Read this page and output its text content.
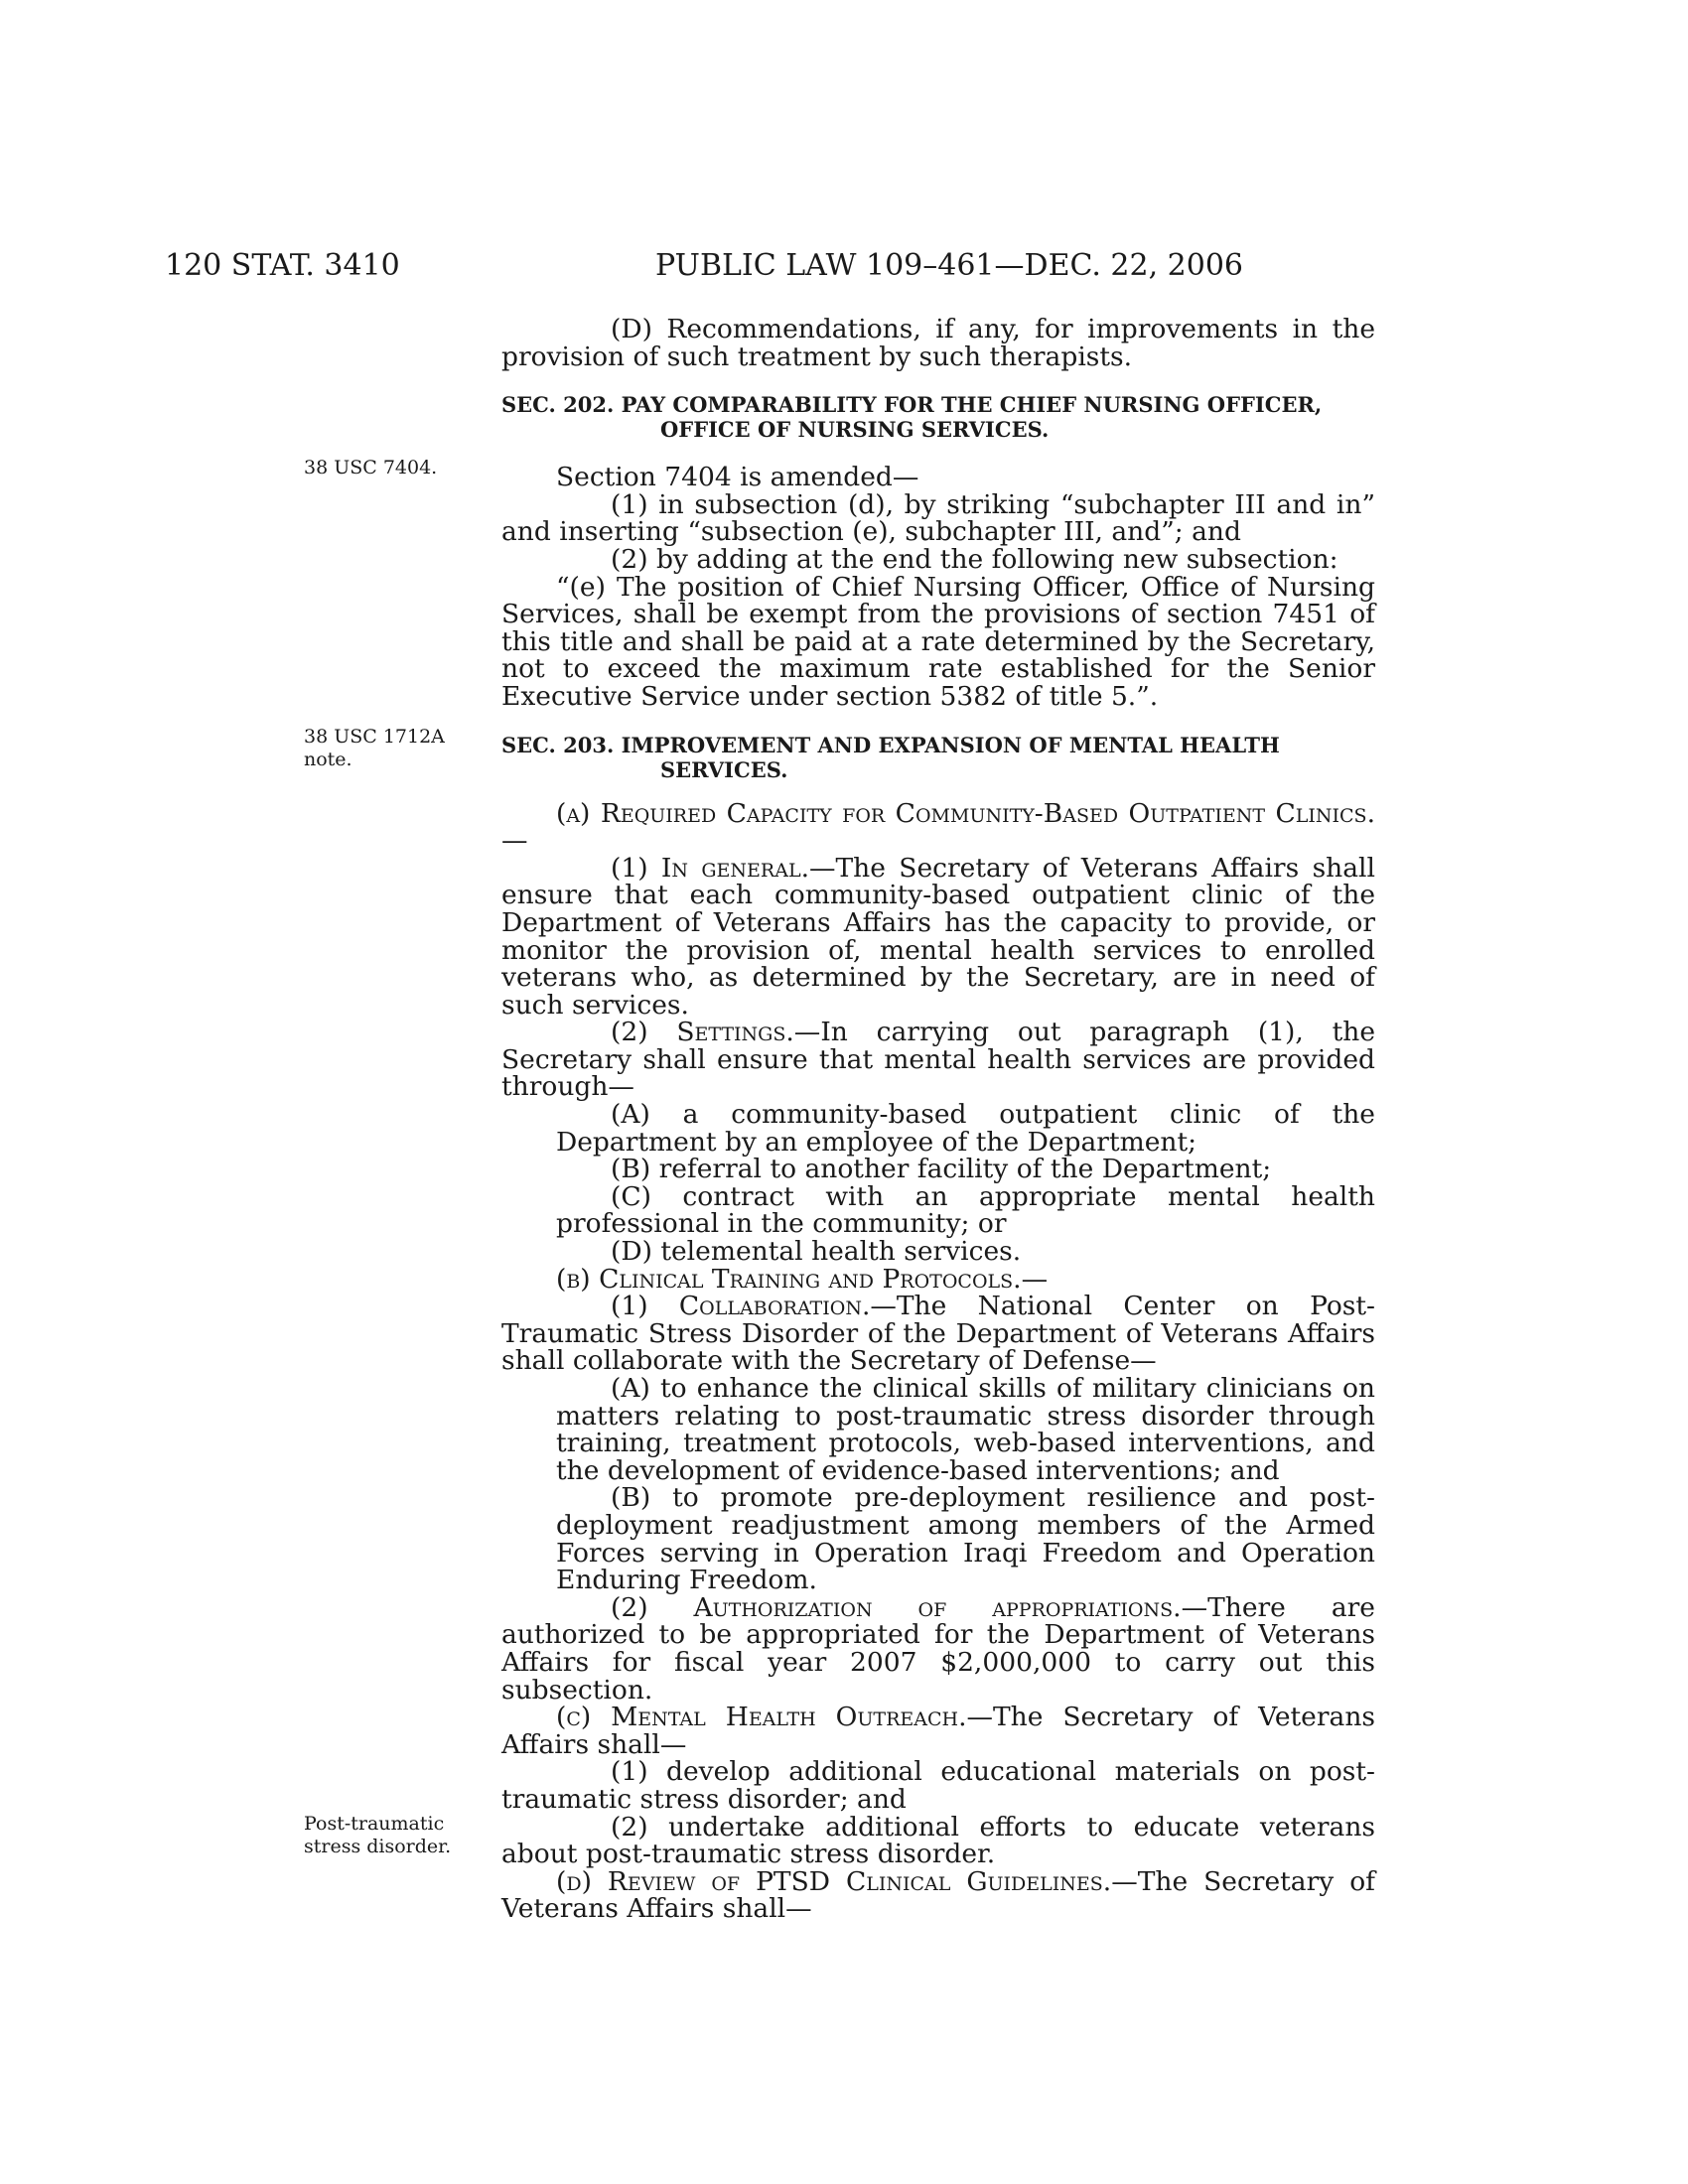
120 STAT. 3410	PUBLIC LAW 109–461—DEC. 22, 2006
38 USC 7404.
38 USC 1712A
note.
Post-traumatic
stress disorder.

(D) Recommendations, if any, for improvements in the provision of such treatment by such therapists.

SEC. 202. PAY COMPARABILITY FOR THE CHIEF NURSING OFFICER, OFFICE OF NURSING SERVICES.

Section 7404 is amended—

(1) in subsection (d), by striking “subchapter III and in” and inserting “subsection (e), subchapter III, and”; and

(2) by adding at the end the following new subsection:

“(e) The position of Chief Nursing Officer, Office of Nursing Services, shall be exempt from the provisions of section 7451 of this title and shall be paid at a rate determined by the Secretary, not to exceed the maximum rate established for the Senior Executive Service under section 5382 of title 5.”.

SEC. 203. IMPROVEMENT AND EXPANSION OF MENTAL HEALTH SERVICES.

(a) Required Capacity for Community-Based Outpatient Clinics.—

(1) In general.—The Secretary of Veterans Affairs shall ensure that each community-based outpatient clinic of the Department of Veterans Affairs has the capacity to provide, or monitor the provision of, mental health services to enrolled veterans who, as determined by the Secretary, are in need of such services.

(2) Settings.—In carrying out paragraph (1), the Secretary shall ensure that mental health services are provided through—

(A) a community-based outpatient clinic of the Department by an employee of the Department;

(B) referral to another facility of the Department;

(C) contract with an appropriate mental health professional in the community; or

(D) telemental health services.

(b) Clinical Training and Protocols.—

(1) Collaboration.—The National Center on Post-Traumatic Stress Disorder of the Department of Veterans Affairs shall collaborate with the Secretary of Defense—

(A) to enhance the clinical skills of military clinicians on matters relating to post-traumatic stress disorder through training, treatment protocols, web-based interventions, and the development of evidence-based interventions; and

(B) to promote pre-deployment resilience and post-deployment readjustment among members of the Armed Forces serving in Operation Iraqi Freedom and Operation Enduring Freedom.

(2) Authorization of appropriations.—There are authorized to be appropriated for the Department of Veterans Affairs for fiscal year 2007 $2,000,000 to carry out this subsection.

(c) Mental Health Outreach.—The Secretary of Veterans Affairs shall—

(1) develop additional educational materials on post-traumatic stress disorder; and

(2) undertake additional efforts to educate veterans about post-traumatic stress disorder.

(d) Review of PTSD Clinical Guidelines.—The Secretary of Veterans Affairs shall—
